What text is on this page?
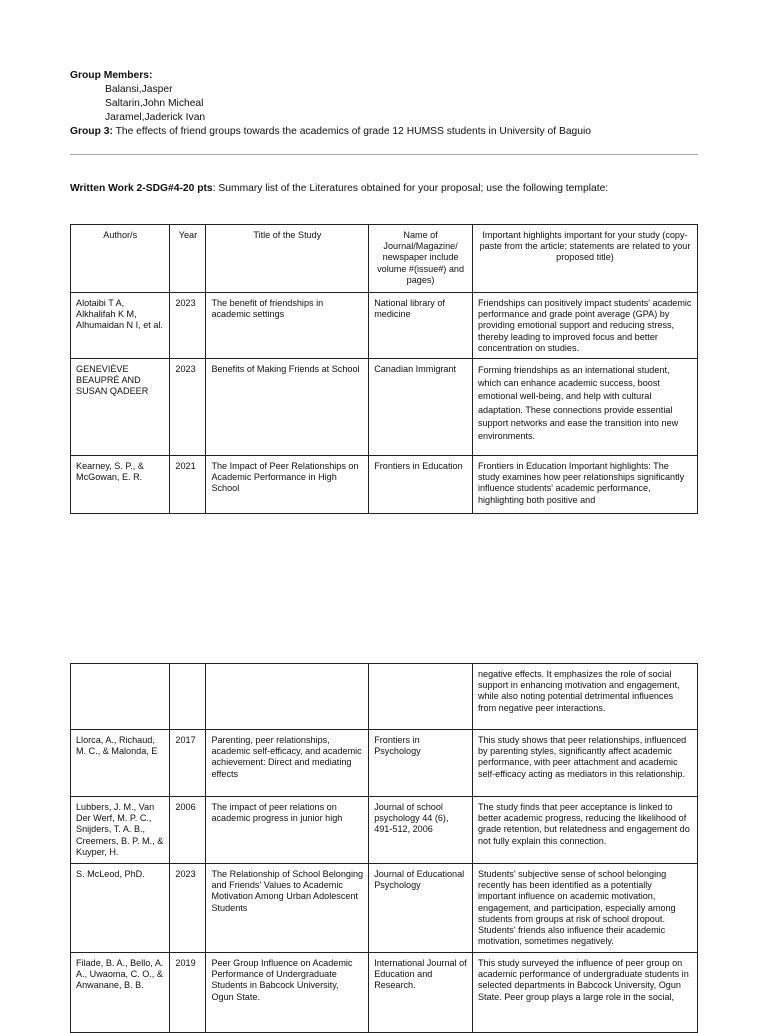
Group Members:
Balansi,Jasper
Saltarin,John Micheal
Jaramel,Jaderick Ivan
Group 3: The effects of friend groups towards the academics of grade 12 HUMSS students in University of Baguio
Written Work 2-SDG#4-20 pts: Summary list of the Literatures obtained for your proposal; use the following template:
Author/s	Year	Title of the Study	Name of Journal/Magazine/ newspaper include volume #(issue#) and pages)	Important highlights important for your study (copy-paste from the article; statements are related to your proposed title)
Alotaibi T A, Alkhalifah K M, Alhumaidan N I, et al.	2023	The benefit of friendships in academic settings	National library of medicine	Friendships can positively impact students' academic performance and grade point average (GPA) by providing emotional support and reducing stress, thereby leading to improved focus and better concentration on studies.
GENEVIÈVE BEAUPRÉ AND SUSAN QADEER	2023	Benefits of Making Friends at School	Canadian Immigrant	Forming friendships as an international student, which can enhance academic success, boost emotional well-being, and help with cultural adaptation. These connections provide essential support networks and ease the transition into new environments.
Kearney, S. P., & McGowan, E. R.	2021	The Impact of Peer Relationships on Academic Performance in High School	Frontiers in Education	Frontiers in Education Important highlights: The study examines how peer relationships significantly influence students' academic performance, highlighting both positive and
				negative effects. It emphasizes the role of social support in enhancing motivation and engagement, while also noting potential detrimental influences from negative peer interactions.
Llorca, A., Richaud, M. C., & Malonda, E	2017	Parenting, peer relationships, academic self-efficacy, and academic achievement: Direct and mediating effects	Frontiers in Psychology	This study shows that peer relationships, influenced by parenting styles, significantly affect academic performance, with peer attachment and academic self-efficacy acting as mediators in this relationship.
Lubbers, J. M., Van Der Werf, M. P. C., Snijders, T. A. B., Creemers, B. P. M., & Kuyper, H.	2006	The impact of peer relations on academic progress in junior high	Journal of school psychology 44 (6), 491-512, 2006	The study finds that peer acceptance is linked to better academic progress, reducing the likelihood of grade retention, but relatedness and engagement do not fully explain this connection.
S. McLeod, PhD.	2023	The Relationship of School Belonging and Friends' Values to Academic Motivation Among Urban Adolescent Students	Journal of Educational Psychology	Students' subjective sense of school belonging recently has been identified as a potentially important influence on academic motivation, engagement, and participation, especially among students from groups at risk of school dropout. Students' friends also influence their academic motivation, sometimes negatively.
Filade, B. A., Bello, A. A., Uwaoma, C. O., & Anwanane, B. B.	2019	Peer Group Influence on Academic Performance of Undergraduate Students in Babcock University, Ogun State.	International Journal of Education and Research.	This study surveyed the influence of peer group on academic performance of undergraduate students in selected departments in Babcock University, Ogun State. Peer group plays a large role in the social,
